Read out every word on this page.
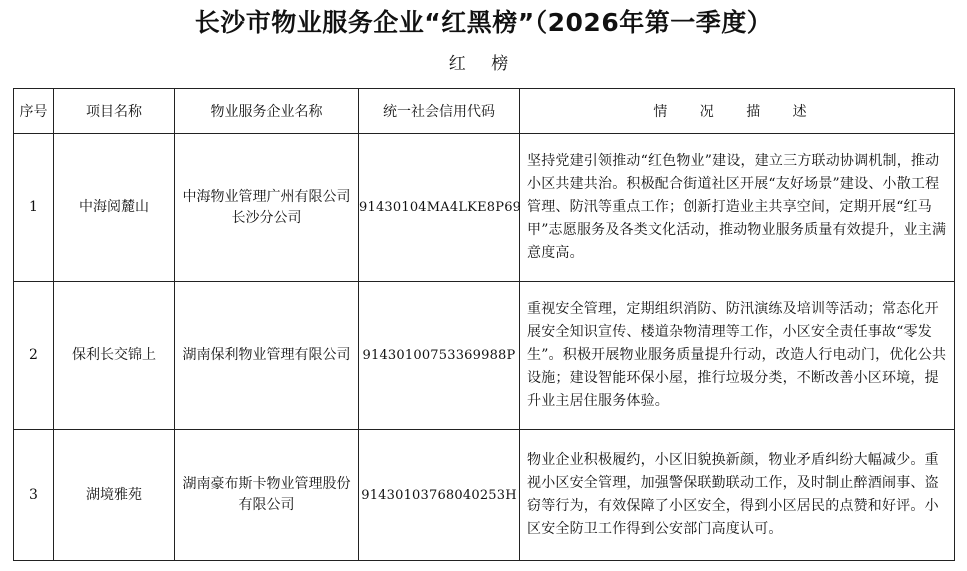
长沙市物业服务企业“红黑榜”（2026年第一季度）
红 榜
序号	项目名称	物业服务企业名称	统一社会信用代码	情 况 描 述
1	中海阅麓山	中海物业管理广州有限公司长沙分公司	91430104MA4LKE8P69	坚持党建引领推动“红色物业”建设，建立三方联动协调机制，推动小区共建共治。积极配合街道社区开展“友好场景”建设、小散工程管理、防汛等重点工作；创新打造业主共享空间，定期开展“红马甲”志愿服务及各类文化活动，推动物业服务质量有效提升，业主满意度高。
2	保利长交锦上	湖南保利物业管理有限公司	91430100753369988P	重视安全管理，定期组织消防、防汛演练及培训等活动；常态化开展安全知识宣传、楼道杂物清理等工作，小区安全责任事故“零发生”。积极开展物业服务质量提升行动，改造人行电动门，优化公共设施；建设智能环保小屋，推行垃圾分类，不断改善小区环境，提升业主居住服务体验。
3	湖境雅苑	湖南豪布斯卡物业管理股份有限公司	91430103768040253H	物业企业积极履约，小区旧貌换新颜，物业矛盾纠纷大幅减少。重视小区安全管理，加强警保联勤联动工作，及时制止醉酒闹事、盗窃等行为，有效保障了小区安全，得到小区居民的点赞和好评。小区安全防卫工作得到公安部门高度认可。
